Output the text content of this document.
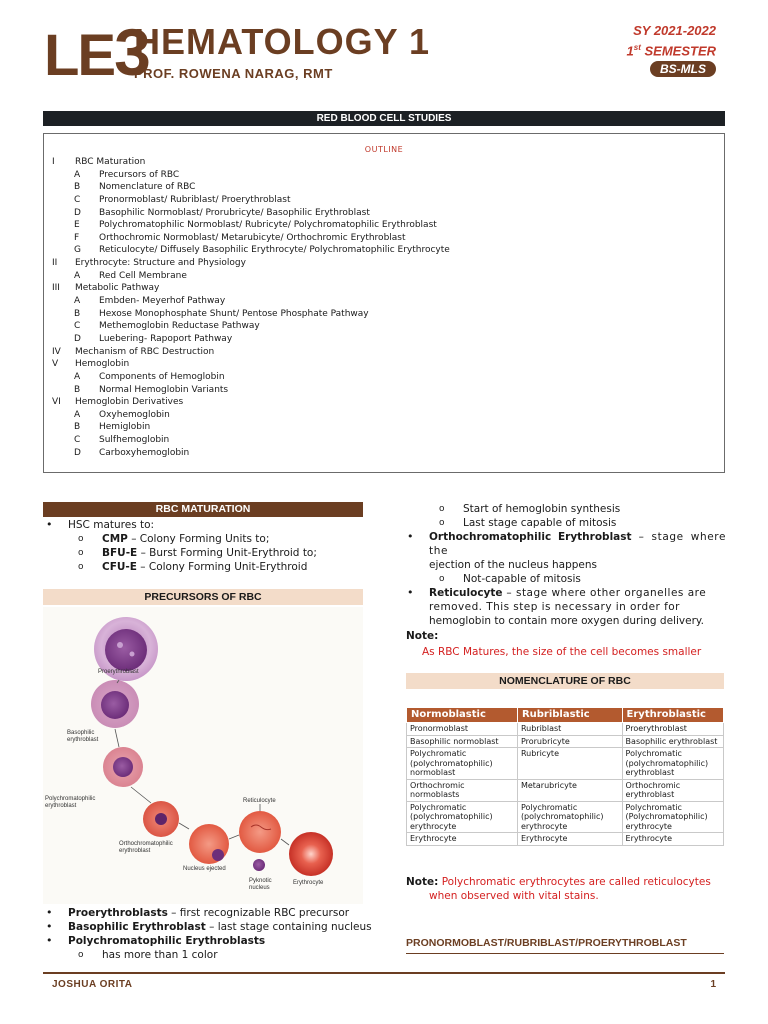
LE3
HEMATOLOGY 1
PROF. ROWENA NARAG, RMT
SY 2021-2022
1st SEMESTER
BS-MLS
RED BLOOD CELL STUDIES
OUTLINE
I	RBC Maturation
A	Precursors of RBC
B	Nomenclature of RBC
C	Pronormoblast/ Rubriblast/ Proerythroblast
D	Basophilic Normoblast/ Prorubricyte/ Basophilic Erythroblast
E	Polychromatophilic Normoblast/ Rubricyte/ Polychromatophilic Erythroblast
F	Orthochromic Normoblast/ Metarubicyte/ Orthochromic Erythroblast
G	Reticulocyte/ Diffusely Basophilic Erythrocyte/ Polychromatophilic Erythrocyte
II	Erythrocyte: Structure and Physiology
A	Red Cell Membrane
III	Metabolic Pathway
A	Embden- Meyerhof Pathway
B	Hexose Monophosphate Shunt/ Pentose Phosphate Pathway
C	Methemoglobin Reductase Pathway
D	Luebering- Rapoport Pathway
IV	Mechanism of RBC Destruction
V	Hemoglobin
A	Components of Hemoglobin
B	Normal Hemoglobin Variants
VI	Hemoglobin Derivatives
A	Oxyhemoglobin
B	Hemiglobin
C	Sulfhemoglobin
D	Carboxyhemoglobin
RBC MATURATION
• HSC matures to:
o CMP – Colony Forming Units to;
o BFU-E – Burst Forming Unit-Erythroid to;
o CFU-E – Colony Forming Unit-Erythroid
PRECURSORS OF RBC
Proerythroblast
Basophilic
erythroblast
Polychromatophilic
erythroblast
Orthochromatophilic
erythroblast
Nucleus ejected
Reticulocyte
Pyknotic
nucleus
Erythrocyte
• Proerythroblasts – first recognizable RBC precursor
• Basophilic Erythroblast – last stage containing nucleus
• Polychromatophilic Erythroblasts
o has more than 1 color
o Start of hemoglobin synthesis
o Last stage capable of mitosis
• Orthochromatophilic Erythroblast – stage where the
ejection of the nucleus happens
o Not-capable of mitosis
• Reticulocyte – stage where other organelles are
removed. This step is necessary in order for
hemoglobin to contain more oxygen during delivery.
Note:
As RBC Matures, the size of the cell becomes smaller
NOMENCLATURE OF RBC
Normoblastic	Rubriblastic	Erythroblastic
Pronormoblast	Rubriblast	Proerythroblast
Basophilic normoblast	Prorubricyte	Basophilic erythroblast
Polychromatic (polychromatophilic) normoblast	Rubricyte	Polychromatic (polychromatophilic) erythroblast
Orthochromic normoblasts	Metarubricyte	Orthochromic erythroblast
Polychromatic (polychromatophilic) erythrocyte	Polychromatic (polychromatophilic) erythrocyte	Polychromatic (Polychromatophilic) erythrocyte
Erythrocyte	Erythrocyte	Erythrocyte
Note: Polychromatic erythrocytes are called reticulocytes
when observed with vital stains.
PRONORMOBLAST/RUBRIBLAST/PROERYTHROBLAST
JOSHUA ORITA	1
